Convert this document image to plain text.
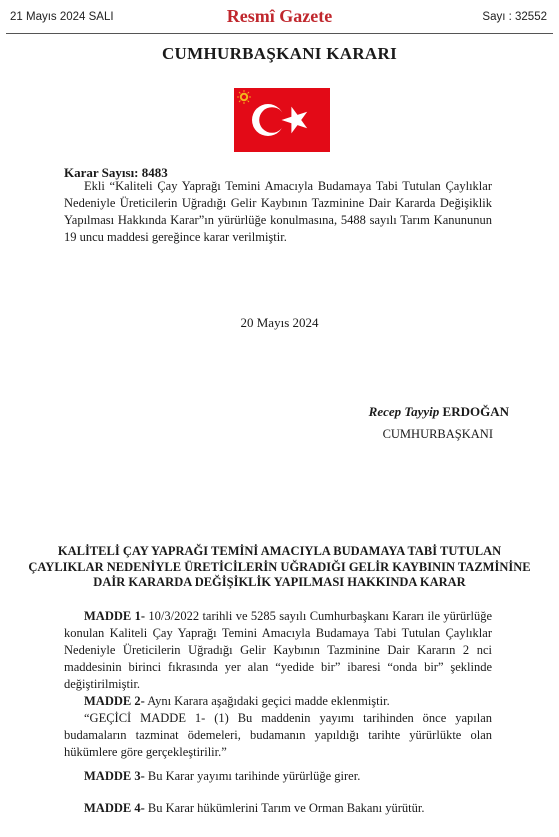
21 Mayıs 2024 SALI	Resmî Gazete	Sayı : 32552
CUMHURBAŞKANI KARARI
Karar Sayısı: 8483

Ekli “Kaliteli Çay Yaprağı Temini Amacıyla Budamaya Tabi Tutulan Çaylıklar Nedeniyle Üreticilerin Uğradığı Gelir Kaybının Tazminine Dair Kararda Değişiklik Yapılması Hakkında Karar”ın yürürlüğe konulmasına, 5488 sayılı Tarım Kanununun 19 uncu maddesi gereğince karar verilmiştir.

20 Mayıs 2024
Recep Tayyip ERDOĞAN
CUMHURBAŞKANI
KALİTELİ ÇAY YAPRAĞI TEMİNİ AMACIYLA BUDAMAYA TABİ TUTULAN ÇAYLIKLAR NEDENİYLE ÜRETİCİLERİN UĞRADIĞI GELİR KAYBININ TAZMİNİNE DAİR KARARDA DEĞİŞİKLİK YAPILMASI HAKKINDA KARAR

MADDE 1- 10/3/2022 tarihli ve 5285 sayılı Cumhurbaşkanı Kararı ile yürürlüğe konulan Kaliteli Çay Yaprağı Temini Amacıyla Budamaya Tabi Tutulan Çaylıklar Nedeniyle Üreticilerin Uğradığı Gelir Kaybının Tazminine Dair Kararın 2 nci maddesinin birinci fıkrasında yer alan “yedide bir” ibaresi “onda bir” şeklinde değiştirilmiştir.

MADDE 2- Aynı Karara aşağıdaki geçici madde eklenmiştir.

“GEÇİCİ MADDE 1- (1) Bu maddenin yayımı tarihinden önce yapılan budamaların tazminat ödemeleri, budamanın yapıldığı tarihte yürürlükte olan hükümlere göre gerçekleştirilir.”

MADDE 3- Bu Karar yayımı tarihinde yürürlüğe girer.

MADDE 4- Bu Karar hükümlerini Tarım ve Orman Bakanı yürütür.
